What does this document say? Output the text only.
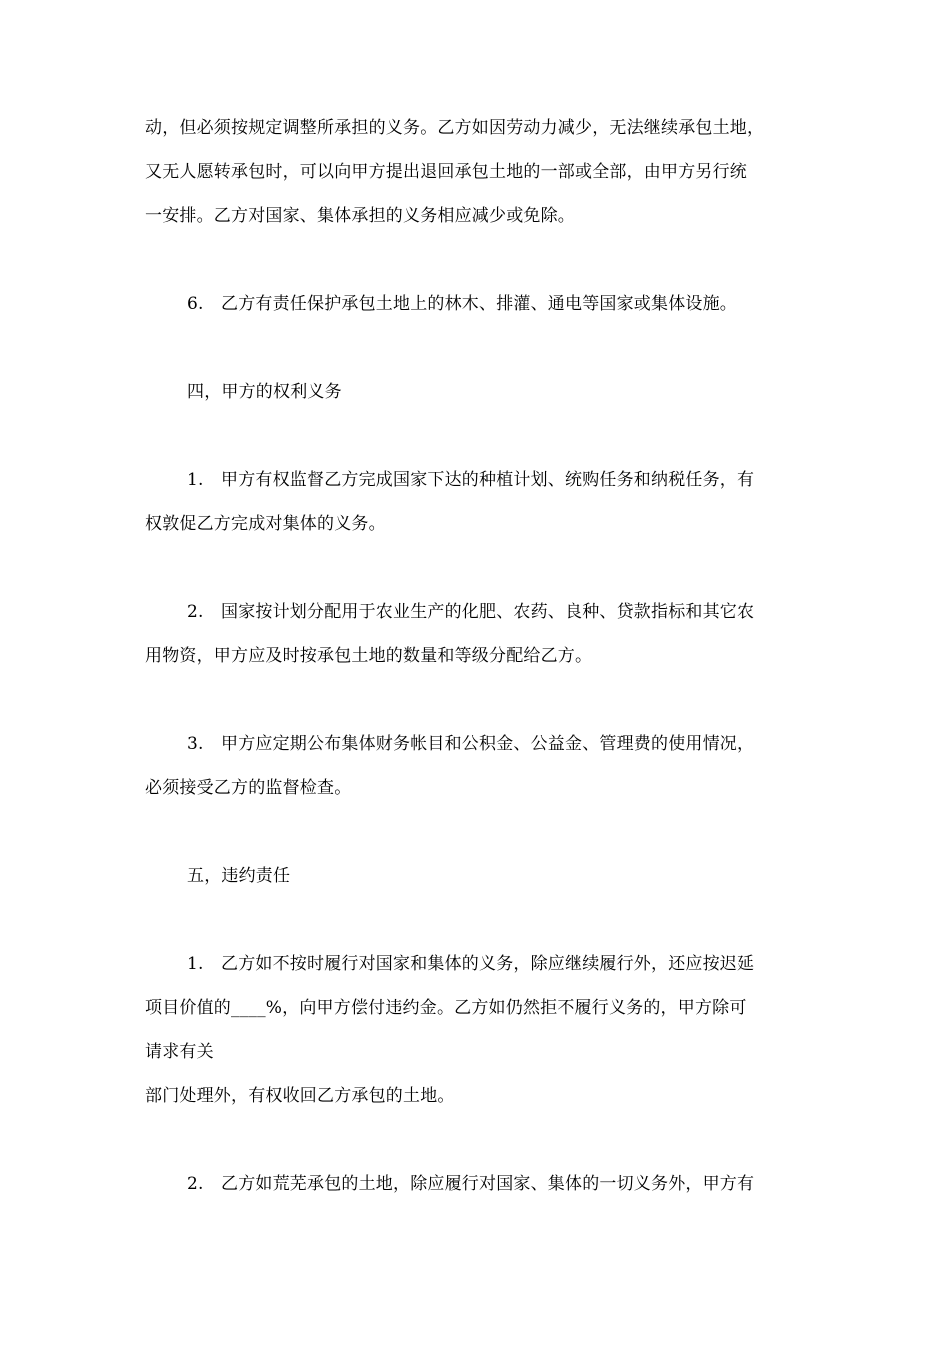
动，但必须按规定调整所承担的义务。乙方如因劳动力减少，无法继续承包土地，
又无人愿转承包时，可以向甲方提出退回承包土地的一部或全部，由甲方另行统
一安排。乙方对国家、集体承担的义务相应减少或免除。
6. 乙方有责任保护承包土地上的林木、排灌、通电等国家或集体设施。
四，甲方的权利义务
1. 甲方有权监督乙方完成国家下达的种植计划、统购任务和纳税任务，有
权敦促乙方完成对集体的义务。
2. 国家按计划分配用于农业生产的化肥、农药、良种、贷款指标和其它农
用物资，甲方应及时按承包土地的数量和等级分配给乙方。
3. 甲方应定期公布集体财务帐目和公积金、公益金、管理费的使用情况，
必须接受乙方的监督检查。
五，违约责任
1. 乙方如不按时履行对国家和集体的义务，除应继续履行外，还应按迟延
项目价值的____%，向甲方偿付违约金。乙方如仍然拒不履行义务的，甲方除可
请求有关
部门处理外，有权收回乙方承包的土地。
2. 乙方如荒芜承包的土地，除应履行对国家、集体的一切义务外，甲方有
